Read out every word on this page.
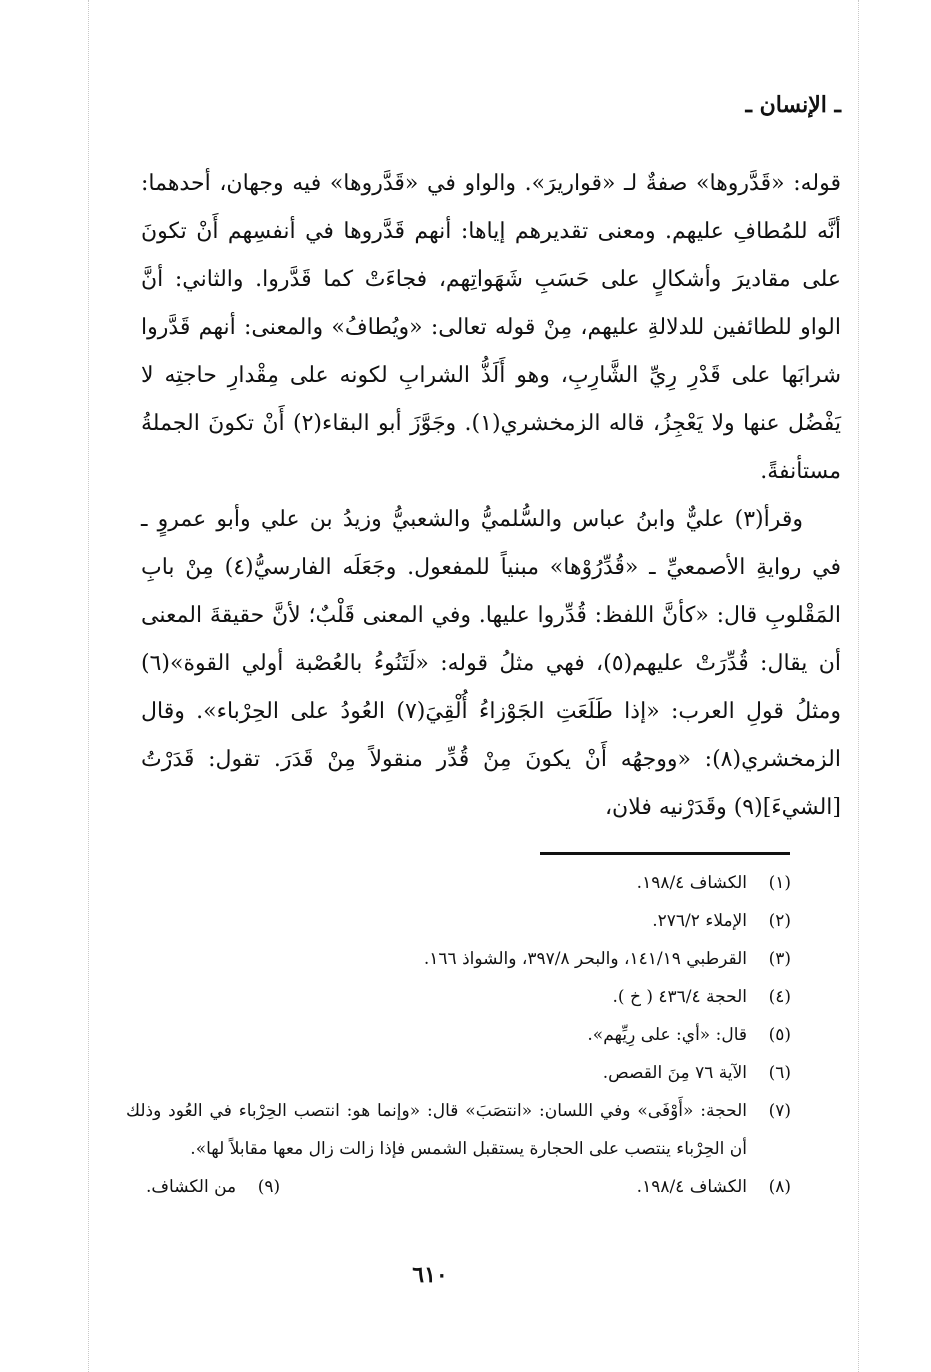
ـ الإنسان ـ

قوله: «قَدَّروها» صفةٌ لـ «قواريرَ». والواو في «قَدَّروها» فيه وجهان، أحدهما: أنَّه للمُطافِ عليهم. ومعنى تقديرهم إياها: أنهم قَدَّروها في أنفسِهم أَنْ تكونَ على مقاديرَ وأشكالٍ على حَسَبِ شَهَواتِهم، فجاءَتْ كما قَدَّروا. والثاني: أنَّ الواو للطائفين للدلالةِ عليهم، مِنْ قوله تعالى: «ويُطافُ» والمعنى: أنهم قَدَّروا شرابَها على قَدْرِ رِيِّ الشَّارِبِ، وهو أَلَذُّ الشرابِ لكونه على مِقْدارِ حاجتِه لا يَفْضُل عنها ولا يَعْجِزُ، قاله الزمخشري(١). وجَوَّزَ أبو البقاء(٢) أَنْ تكونَ الجملةُ مستأنفةً.

وقرأ(٣) عليٌّ وابنُ عباس والسُّلميُّ والشعبيُّ وزيدُ بن علي وأبو عمروٍ ـ في روايةِ الأصمعيِّ ـ «قُدِّرُوْها» مبنياً للمفعول. وجَعَلَه الفارسيُّ(٤) مِنْ بابِ المَقْلوبِ قال: «كأنَّ اللفظ: قُدِّروا عليها. وفي المعنى قَلْبٌ؛ لأنَّ حقيقةَ المعنى أن يقال: قُدِّرَتْ عليهم(٥)، فهي مثلُ قوله: «لَتَنُوءُ بالعُصْبة أولي القوة»(٦) ومثلُ قولِ العرب: «إذا طَلَعَتِ الجَوْزاءُ أُلْقِيَ(٧) العُودُ على الحِرْباء». وقال الزمخشري(٨): «ووجهُه أَنْ يكونَ مِنْ قُدِّر منقولاً مِنْ قَدَرَ. تقول: قَدَرْتُ [الشيءَ](٩) وقَدَرْنيه فلان،

(١)
الكشاف ١٩٨/٤.
(٢)
الإملاء ٢٧٦/٢.
(٣)
القرطبي ١٤١/١٩، والبحر ٣٩٧/٨، والشواذ ١٦٦.
(٤)
الحجة ٤٣٦/٤ ( خ ).
(٥)
قال: «أي: على رِيِّهم».
(٦)
الآية ٧٦ مِنَ القصص.
(٧)
الحجة: «أَوْفَى» وفي اللسان: «انتصَبَ» قال: «وإنما هو: انتصب الحِرْباء في العُود وذلك أن الحِرْباء ينتصب على الحجارة يستقبل الشمس فإذا زالت زال معها مقابلاً لها».
(٨)
الكشاف ١٩٨/٤.
(٩)    من الكشاف.
٦١٠
